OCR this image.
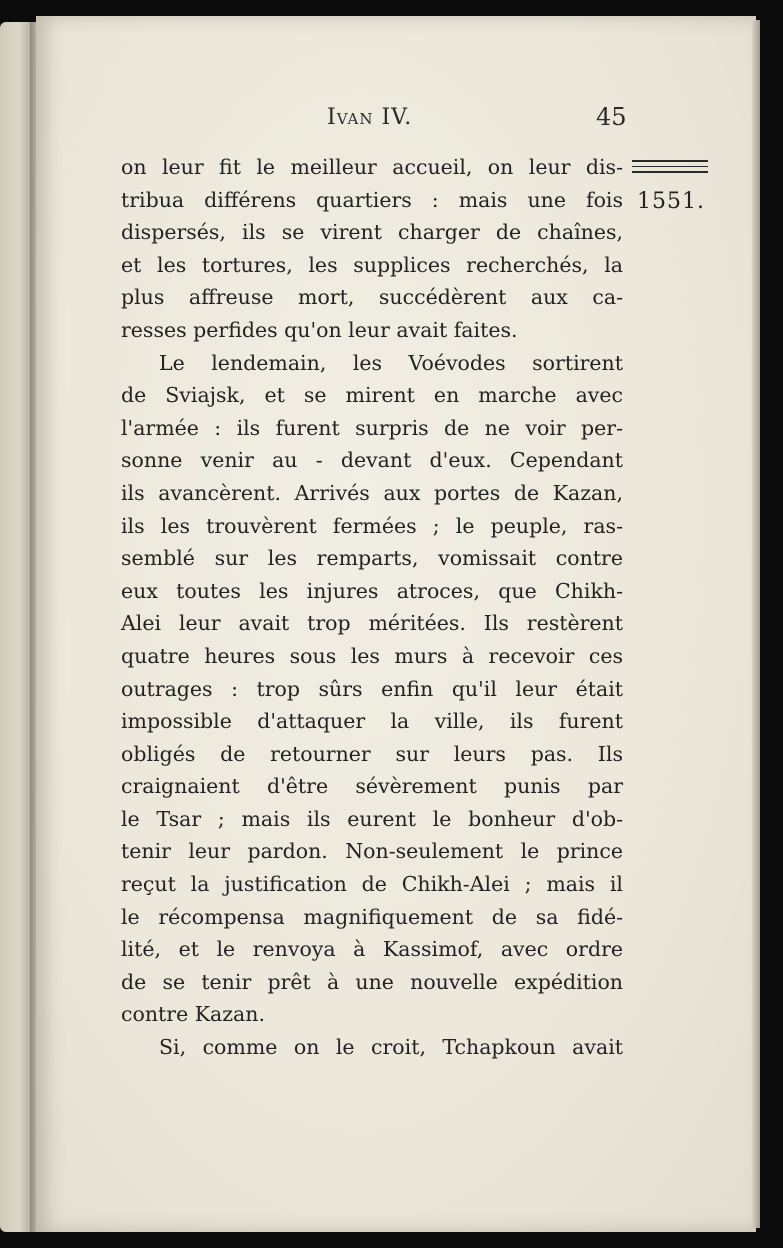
Ivan IV.	45
1551.
on leur fit le meilleur accueil, on leur dis-
tribua différens quartiers : mais une fois
dispersés, ils se virent charger de chaînes,
et les tortures, les supplices recherchés, la
plus affreuse mort, succédèrent aux ca-
resses perfides qu'on leur avait faites.
Le lendemain, les Voévodes sortirent
de Sviajsk, et se mirent en marche avec
l'armée : ils furent surpris de ne voir per-
sonne venir au - devant d'eux. Cependant
ils avancèrent. Arrivés aux portes de Kazan,
ils les trouvèrent fermées ; le peuple, ras-
semblé sur les remparts, vomissait contre
eux toutes les injures atroces, que Chikh-
Alei leur avait trop méritées. Ils restèrent
quatre heures sous les murs à recevoir ces
outrages : trop sûrs enfin qu'il leur était
impossible d'attaquer la ville, ils furent
obligés de retourner sur leurs pas. Ils
craignaient d'être sévèrement punis par
le Tsar ; mais ils eurent le bonheur d'ob-
tenir leur pardon. Non-seulement le prince
reçut la justification de Chikh-Alei ; mais il
le récompensa magnifiquement de sa fidé-
lité, et le renvoya à Kassimof, avec ordre
de se tenir prêt à une nouvelle expédition
contre Kazan.
Si, comme on le croit, Tchapkoun avait
